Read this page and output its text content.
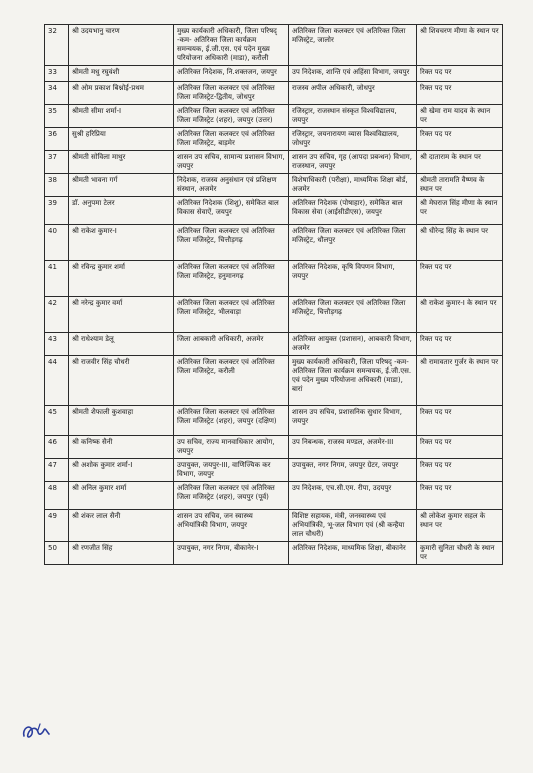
32	श्री उदयभानु चारण	मुख्य कार्यकारी अधिकारी, जिला परिषद् -कम- अतिरिक्त जिला कार्यक्रम समन्वयक, ई.जी.एस. एवं पदेन मुख्य परियोजना अधिकारी (माडा), करौली	अतिरिक्त जिला कलक्टर एवं अतिरिक्त जिला मजिस्ट्रेट, जालोर	श्री शिवचरण मीणा के स्थान पर
33	श्रीमती मधु रघुवंशी	अतिरिक्त निदेशक, नि.शक्तजन, जयपुर	उप निदेशक, शान्ति एवं अहिंसा विभाग, जयपुर	रिक्त पद पर
34	श्री ओम प्रकाश बिश्नोई-प्रथम	अतिरिक्त जिला कलक्टर एवं अतिरिक्त जिला मजिस्ट्रेट-द्वितीय, जोधपुर	राजस्व अपील अधिकारी, जोधपुर	रिक्त पद पर
35	श्रीमती सीमा शर्मा-I	अतिरिक्त जिला कलक्टर एवं अतिरिक्त जिला मजिस्ट्रेट (शहर), जयपुर (उत्तर)	रजिस्ट्रार, राजस्थान संस्कृत विश्वविद्यालय, जयपुर	श्री खेमा राम यादव के स्थान पर
36	सुश्री हरिप्रिया	अतिरिक्त जिला कलक्टर एवं अतिरिक्त जिला मजिस्ट्रेट, बाड़मेर	रजिस्ट्रार, जयनारायण व्यास विश्वविद्यालय, जोधपुर	रिक्त पद पर
37	श्रीमती सोविला माथुर	शासन उप सचिव, सामान्य प्रशासन विभाग, जयपुर	शासन उप सचिव, गृह (आपदा प्रबन्धन) विभाग, राजस्थान, जयपुर	श्री दाताराम के स्थान पर
38	श्रीमती भावना गर्ग	निदेशक, राजस्व अनुसंधान एवं प्रशिक्षण संस्थान, अजमेर	विशेषाधिकारी (परीक्षा), माध्यमिक शिक्षा बोर्ड, अजमेर	श्रीमती तारामति वैष्णव के स्थान पर
39	डॉ. अनुपमा टेलर	अतिरिक्त निदेशक (शिशु), समेकित बाल विकास सेवाऐं, जयपुर	अतिरिक्त निदेशक (पोषाहार), समेकित बाल विकास सेवा (आईसीडीएस), जयपुर	श्री मेघराज सिंह मीणा के स्थान पर
40	श्री राकेश कुमार-I	अतिरिक्त जिला कलक्टर एवं अतिरिक्त जिला मजिस्ट्रेट, चित्तौड़गढ़	अतिरिक्त जिला कलक्टर एवं अतिरिक्त जिला मजिस्ट्रेट, धौलपुर	श्री धीरेन्द्र सिंह के स्थान पर
41	श्री रविन्द्र कुमार शर्मा	अतिरिक्त जिला कलक्टर एवं अतिरिक्त जिला मजिस्ट्रेट, हनुमानगढ़	अतिरिक्त निदेशक, कृषि विपणन विभाग, जयपुर	रिक्त पद पर
42	श्री नरेन्द्र कुमार वर्मा	अतिरिक्त जिला कलक्टर एवं अतिरिक्त जिला मजिस्ट्रेट, भीलवाड़ा	अतिरिक्त जिला कलक्टर एवं अतिरिक्त जिला मजिस्ट्रेट, चित्तौड़गढ़	श्री राकेश कुमार-I के स्थान पर
43	श्री राधेश्याम डेलू	जिला आबकारी अधिकारी, अजमेर	अतिरिक्त आयुक्त (प्रशासन), आबकारी विभाग, अजमेर	रिक्त पद पर
44	श्री राजवीर सिंह चौधरी	अतिरिक्त जिला कलक्टर एवं अतिरिक्त जिला मजिस्ट्रेट, करौली	मुख्य कार्यकारी अधिकारी, जिला परिषद् -कम- अतिरिक्त जिला कार्यक्रम समन्वयक, ई.जी.एस. एवं पदेन मुख्य परियोजना अधिकारी (माडा), बारां	श्री रामावतार गुर्जर के स्थान पर
45	श्रीमती शैफाली कुशवाहा	अतिरिक्त जिला कलक्टर एवं अतिरिक्त जिला मजिस्ट्रेट (शहर), जयपुर (दक्षिण)	शासन उप सचिव, प्रशासनिक सुधार विभाग, जयपुर	रिक्त पद पर
46	श्री कनिष्क सैनी	उप सचिव, राज्य मानवाधिकार आयोग, जयपुर	उप निबन्धक, राजस्व मण्डल, अजमेर-III	रिक्त पद पर
47	श्री अशोक कुमार शर्मा-I	उपायुक्त, जयपुर-III, वाणिज्यिक कर विभाग, जयपुर	उपायुक्त, नगर निगम, जयपुर ग्रेटर, जयपुर	रिक्त पद पर
48	श्री अनिल कुमार शर्मा	अतिरिक्त जिला कलक्टर एवं अतिरिक्त जिला मजिस्ट्रेट (शहर), जयपुर (पूर्व)	उप निदेशक, एच.सी.एम. रीपा, उदयपुर	रिक्त पद पर
49	श्री शंकर लाल सैनी	शासन उप सचिव, जन स्वास्थ्य अभियांत्रिकी विभाग, जयपुर	विशिष्ट सहायक, मंत्री, जनस्वास्थ्य एवं अभियांत्रिकी, भू-जल विभाग एवं (श्री कन्हैया लाल चौधरी)	श्री लोकेश कुमार सहल के स्थान पर
50	श्री रणजीत सिंह	उपायुक्त, नगर निगम, बीकानेर-I	अतिरिक्त निदेशक, माध्यमिक शिक्षा, बीकानेर	कुमारी सुनिता चौधरी के स्थान पर
